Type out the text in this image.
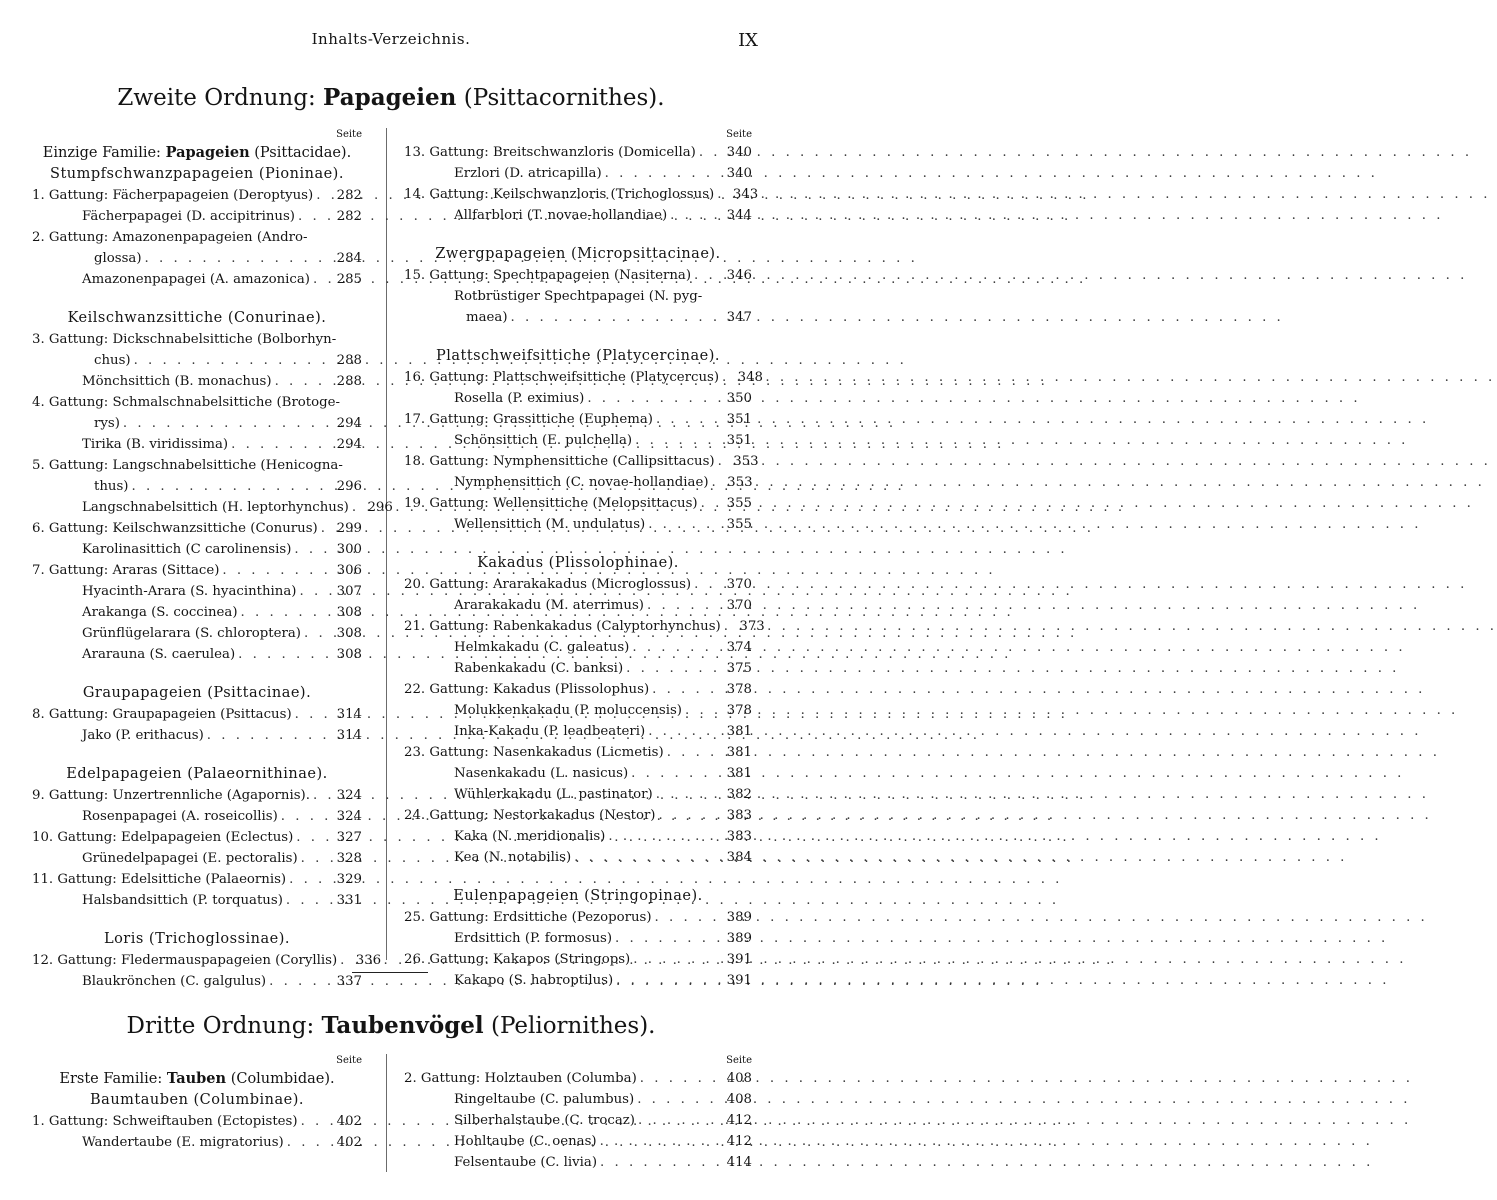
Inhalts-Verzeichnis.	IX
Zweite Ordnung: Papageien (Psittacornithes).
Seite
Einzige Familie: Papageien (Psittacidae).
Stumpfschwanzpapageien (Pioninae).
1. Gattung: Fächerpapageien (Deroptyus) . . . 282
Fächerpapagei (D. accipitrinus) . . .	282
2. Gattung: Amazonenpapageien (Andro-
glossa) . . .	284
Amazonenpapagei (A. amazonica) . . . 285
Keilschwanzsittiche (Conurinae).
3. Gattung: Dickschnabelsittiche (Bolborhyn-
chus) . . .	288
Mönchsittich (B. monachus) . . .	288
4. Gattung: Schmalschnabelsittiche (Brotoge-
rys) . . .	294
Tirika (B. viridissima) . . .	294
5. Gattung: Langschnabelsittiche (Henicogna-
thus) . . .	296
Langschnabelsittich (H. leptorhynchus) . . . 296
6. Gattung: Keilschwanzsittiche (Conurus) . . . 299
Karolinasittich (C carolinensis) . . .	300
7. Gattung: Araras (Sittace) . . .	306
Hyacinth-Arara (S. hyacinthina) . . .	307
Arakanga (S. coccinea) . . .	308
Grünflügelarara (S. chloroptera) . . .	308
Ararauna (S. caerulea) . . .	308
Graupapageien (Psittacinae).
8. Gattung: Graupapageien (Psittacus) . . .	314
Jako (P. erithacus) . . .	314
Edelpapageien (Palaeornithinae).
9. Gattung: Unzertrennliche (Agapornis). . . . 324
Rosenpapagei (A. roseicollis) . . .	324
10. Gattung: Edelpapageien (Eclectus) . . .	327
Grünedelpapagei (E. pectoralis) . . .	328
11. Gattung: Edelsittiche (Palaeornis) . . .	329
Halsbandsittich (P. torquatus) . . .	331
Loris (Trichoglossinae).
12. Gattung: Fledermauspapageien (Coryllis) . . . 336
Blaukrönchen (C. galgulus) . . .	337
Seite
13. Gattung: Breitschwanzloris (Domicella) . . . 340
Erzlori (D. atricapilla) . . .	340
14. Gattung: Keilschwanzloris (Trichoglossus) . . . 343
Allfarblori (T. novae-hollandiae) . . .	344
Zwergpapageien (Micropsittacinae).
15. Gattung: Spechtpapageien (Nasiterna) . . .	346
Rotbrüstiger Spechtpapagei (N. pyg-
maea) . . .	347
Plattschweifsittiche (Platycercinae).
16. Gattung: Plattschweifsittiche (Platycercus) . . . 348
Rosella (P. eximius) . . .	350
17. Gattung: Grassittiche (Euphema) . . .	351
Schönsittich (E. pulchella) . . .	351
18. Gattung: Nymphensittiche (Callipsittacus) . . . 353
Nymphensittich (C. novae-hollandiae) . . . 353
19. Gattung: Wellensittiche (Melopsittacus) . . . 355
Wellensittich (M. undulatus) . . .	355
Kakadus (Plissolophinae).
20. Gattung: Ararakakadus (Microglossus) . . .	370
Ararakakadu (M. aterrimus) . . .	370
21. Gattung: Rabenkakadus (Calyptorhynchus) . . . 373
Helmkakadu (C. galeatus) . . .	374
Rabenkakadu (C. banksi) . . .	375
22. Gattung: Kakadus (Plissolophus) . . .	378
Molukkenkakadu (P. moluccensis) . . .	378
Inka-Kakadu (P. leadbeateri) . . .	381
23. Gattung: Nasenkakadus (Licmetis) . . .	381
Nasenkakadu (L. nasicus) . . .	381
Wühlerkakadu (L. pastinator) . . .	382
24. Gattung: Nestorkakadus (Nestor) . . .	383
Kaka (N. meridionalis) . . .	383
Kea (N. notabilis) . . .	384
Eulenpapageien (Stringopinae).
25. Gattung: Erdsittiche (Pezoporus) . . .	389
Erdsittich (P. formosus) . . .	389
26. Gattung: Kakapos (Stringops) . . .	391
Kakapo (S. habroptilus) . . .	391
Dritte Ordnung: Taubenvögel (Peliornithes).
Seite
Erste Familie: Tauben (Columbidae).
Baumtauben (Columbinae).
1. Gattung: Schweiftauben (Ectopistes) . . .	402
Wandertaube (E. migratorius) . . .	402
Seite
2. Gattung: Holztauben (Columba) . . .	408
Ringeltaube (C. palumbus) . . .	408
Silberhalstaube (C. trocaz) . . .	412
Hohltaube (C. oenas) . . .	412
Felsentaube (C. livia) . . .	414
